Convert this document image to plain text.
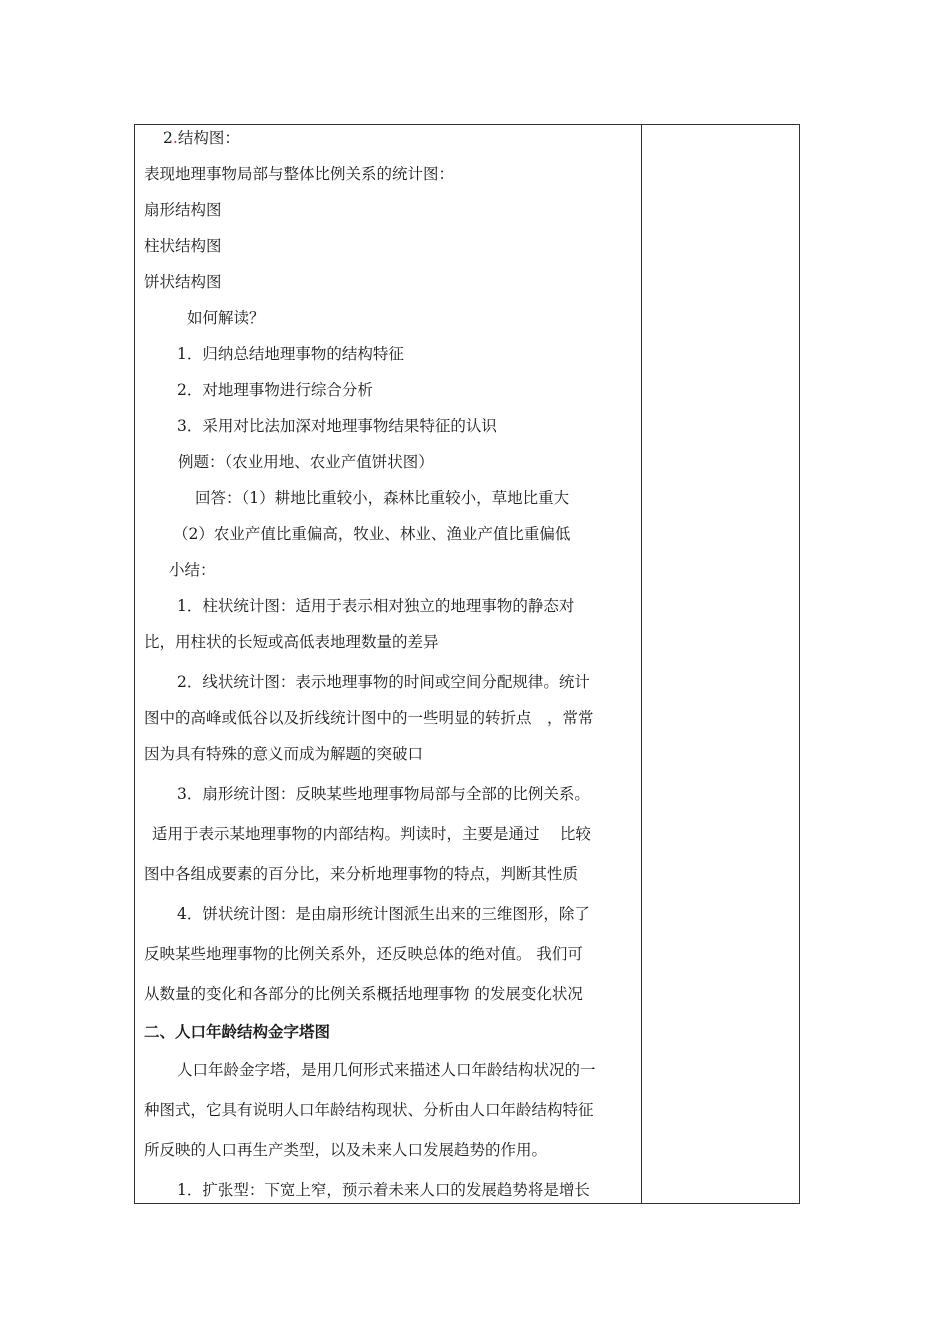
2.结构图：
表现地理事物局部与整体比例关系的统计图：
扇形结构图
柱状结构图
饼状结构图
如何解读？
1．归纳总结地理事物的结构特征
2．对地理事物进行综合分析
3．采用对比法加深对地理事物结果特征的认识
例题：（农业用地、农业产值饼状图）
回答：（1）耕地比重较小，森林比重较小，草地比重大
（2）农业产值比重偏高，牧业、林业、渔业产值比重偏低
小结：
1．柱状统计图：适用于表示相对独立的地理事物的静态对
比，用柱状的长短或高低表地理数量的差异
2．线状统计图：表示地理事物的时间或空间分配规律。统计
图中的高峰或低谷以及折线统计图中的一些明显的转折点　，常常
因为具有特殊的意义而成为解题的突破口
3．扇形统计图：反映某些地理事物局部与全部的比例关系。
适用于表示某地理事物的内部结构。判读时，主要是通过　 比较
图中各组成要素的百分比，来分析地理事物的特点，判断其性质
4．饼状统计图：是由扇形统计图派生出来的三维图形，除了
反映某些地理事物的比例关系外，还反映总体的绝对值。 我们可
从数量的变化和各部分的比例关系概括地理事物 的发展变化状况
二、人口年龄结构金字塔图
人口年龄金字塔，是用几何形式来描述人口年龄结构状况的一
种图式，它具有说明人口年龄结构现状、分析由人口年龄结构特征
所反映的人口再生产类型，以及未来人口发展趋势的作用。
1．扩张型：下宽上窄，预示着未来人口的发展趋势将是增长
